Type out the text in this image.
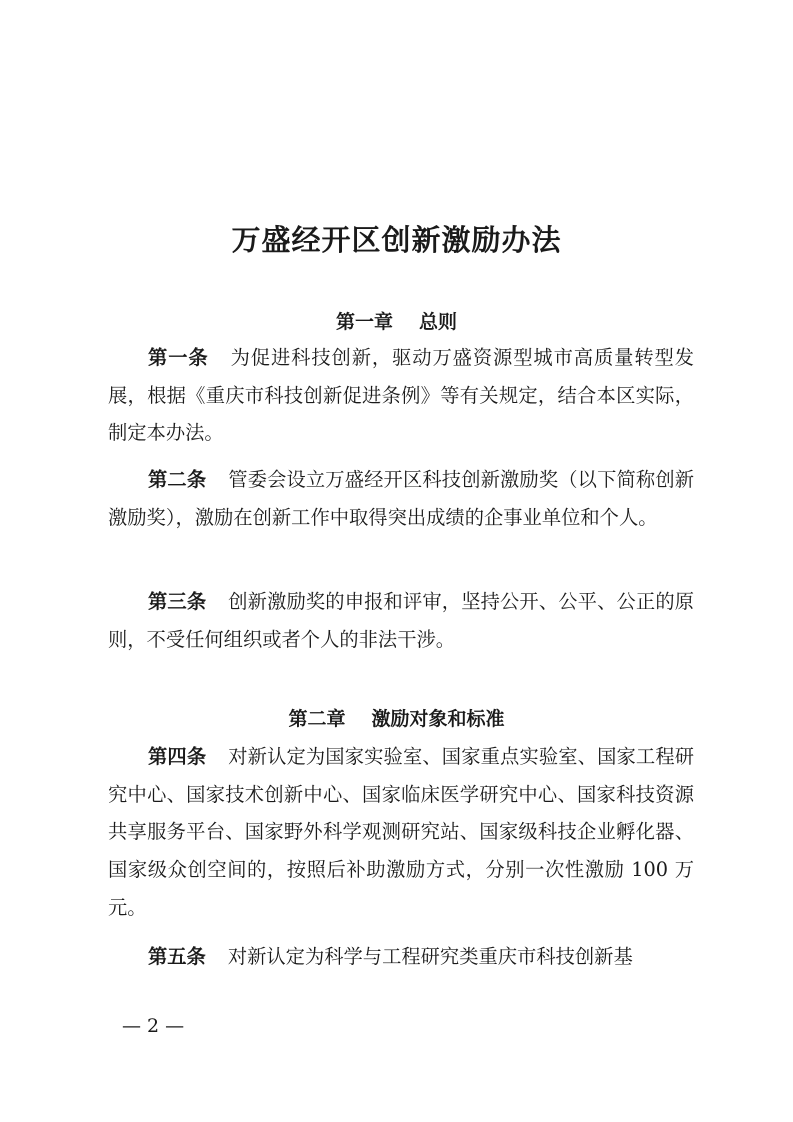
万盛经开区创新激励办法
第一章 总则

第一条 为促进科技创新，驱动万盛资源型城市高质量转型发展，根据《重庆市科技创新促进条例》等有关规定，结合本区实际，制定本办法。

第二条 管委会设立万盛经开区科技创新激励奖（以下简称创新激励奖），激励在创新工作中取得突出成绩的企事业单位和个人。

第三条 创新激励奖的申报和评审，坚持公开、公平、公正的原则，不受任何组织或者个人的非法干涉。

第二章 激励对象和标准

第四条 对新认定为国家实验室、国家重点实验室、国家工程研究中心、国家技术创新中心、国家临床医学研究中心、国家科技资源共享服务平台、国家野外科学观测研究站、国家级科技企业孵化器、国家级众创空间的，按照后补助激励方式，分别一次性激励 100 万元。

第五条 对新认定为科学与工程研究类重庆市科技创新基

— 2 —
